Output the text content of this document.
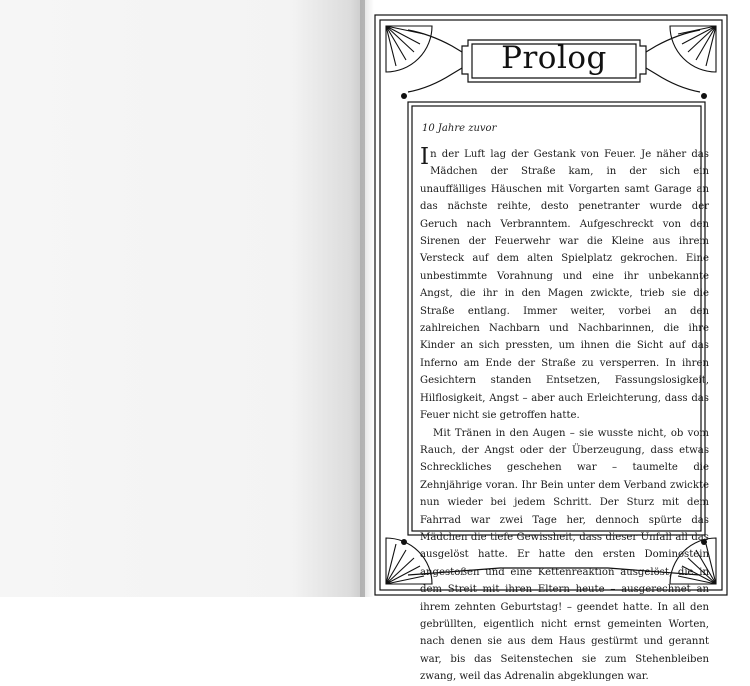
Prolog
10 Jahre zuvor

In der Luft lag der Gestank von Feuer. Je näher das Mädchen der Straße kam, in der sich ein unauffälliges Häuschen mit Vorgarten samt Garage an das nächste reihte, desto penetranter wurde der Geruch nach Verbranntem. Aufgeschreckt von den Sirenen der Feuerwehr war die Kleine aus ihrem Versteck auf dem alten Spielplatz gekrochen. Eine unbestimmte Vorahnung und eine ihr unbekannte Angst, die ihr in den Magen zwickte, trieb sie die Straße entlang. Immer weiter, vorbei an den zahlreichen Nachbarn und Nachbarinnen, die ihre Kinder an sich pressten, um ihnen die Sicht auf das Inferno am Ende der Straße zu versperren. In ihren Gesichtern standen Entsetzen, Fassungslosigkeit, Hilflosigkeit, Angst – aber auch Erleichterung, dass das Feuer nicht sie getroffen hatte.

Mit Tränen in den Augen – sie wusste nicht, ob vom Rauch, der Angst oder der Überzeugung, dass etwas Schreckliches geschehen war – taumelte die Zehnjährige voran. Ihr Bein unter dem Verband zwickte nun wieder bei jedem Schritt. Der Sturz mit dem Fahrrad war zwei Tage her, dennoch spürte das Mädchen die tiefe Gewissheit, dass dieser Unfall all das ausgelöst hatte. Er hatte den ersten Dominostein angestoßen und eine Kettenreaktion ausgelöst, die in dem Streit mit ihren Eltern heute – ausgerechnet an ihrem zehnten Geburtstag! – geendet hatte. In all den gebrüllten, eigentlich nicht ernst gemeinten Worten, nach denen sie aus dem Haus gestürmt und gerannt war, bis das Seitenstechen sie zum Stehenbleiben zwang, weil das Adrenalin abgeklungen war.
